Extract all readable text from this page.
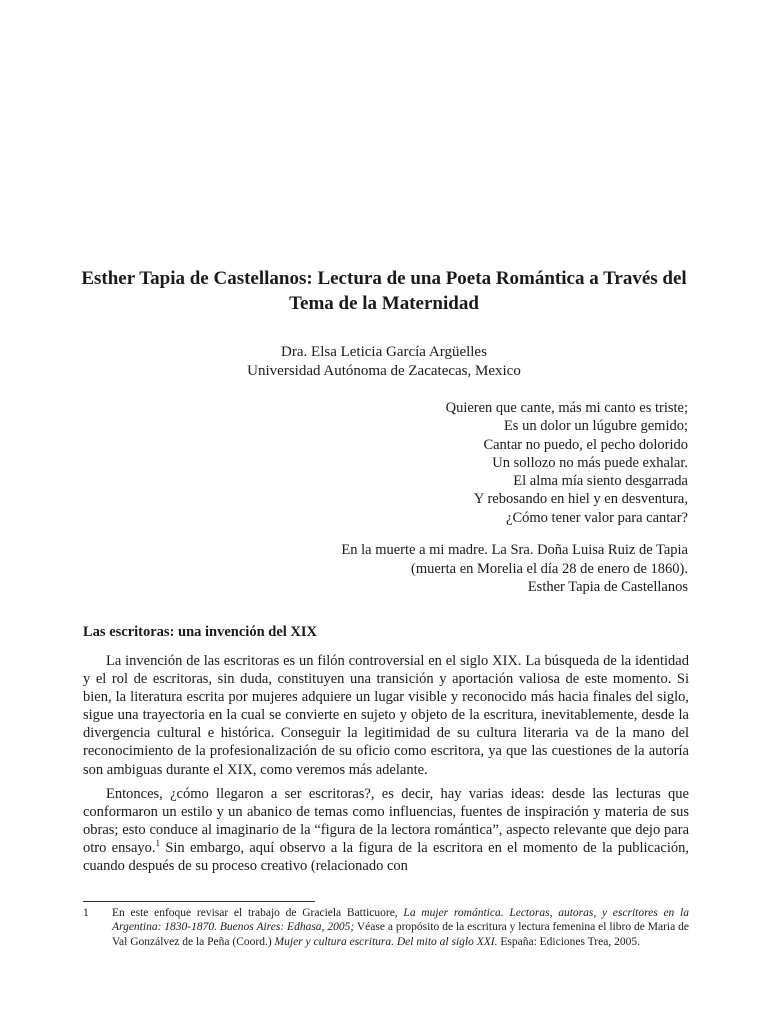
Esther Tapia de Castellanos: Lectura de una Poeta Romántica a Través del Tema de la Maternidad
Dra. Elsa Leticia García Argüelles
Universidad Autónoma de Zacatecas, Mexico
Quieren que cante, más mi canto es triste;
Es un dolor un lúgubre gemido;
Cantar no puedo, el pecho dolorido
Un sollozo no más puede exhalar.
El alma mía siento desgarrada
Y rebosando en hiel y en desventura,
¿Cómo tener valor para cantar?
En la muerte a mi madre. La Sra. Doña Luisa Ruiz de Tapia
(muerta en Morelia el día 28 de enero de 1860).
Esther Tapia de Castellanos
Las escritoras: una invención del XIX

La invención de las escritoras es un filón controversial en el siglo XIX. La búsqueda de la identidad y el rol de escritoras, sin duda, constituyen una transición y aportación valiosa de este momento. Si bien, la literatura escrita por mujeres adquiere un lugar visible y reconocido más hacia finales del siglo, sigue una trayectoria en la cual se convierte en sujeto y objeto de la escritura, inevitablemente, desde la divergencia cultural e histórica. Conseguir la legitimidad de su cultura literaria va de la mano del reconocimiento de la profesionalización de su oficio como escritora, ya que las cuestiones de la autoría son ambiguas durante el XIX, como veremos más adelante.

Entonces, ¿cómo llegaron a ser escritoras?, es decir, hay varias ideas: desde las lecturas que conformaron un estilo y un abanico de temas como influencias, fuentes de inspiración y materia de sus obras; esto conduce al imaginario de la “figura de la lectora romántica”, aspecto relevante que dejo para otro ensayo.$^1$ Sin embargo, aquí observo a la figura de la escritora en el momento de la publicación, cuando después de su proceso creativo (relacionado con

1 En este enfoque revisar el trabajo de Graciela Batticuore, La mujer romántica. Lectoras, autoras, y escritores en la Argentina: 1830-1870. Buenos Aires: Edhasa, 2005; Véase a propósito de la escritura y lectura femenina el libro de Maria de Val Gonzálvez de la Peña (Coord.) Mujer y cultura escritura. Del mito al siglo XXI. España: Ediciones Trea, 2005.
